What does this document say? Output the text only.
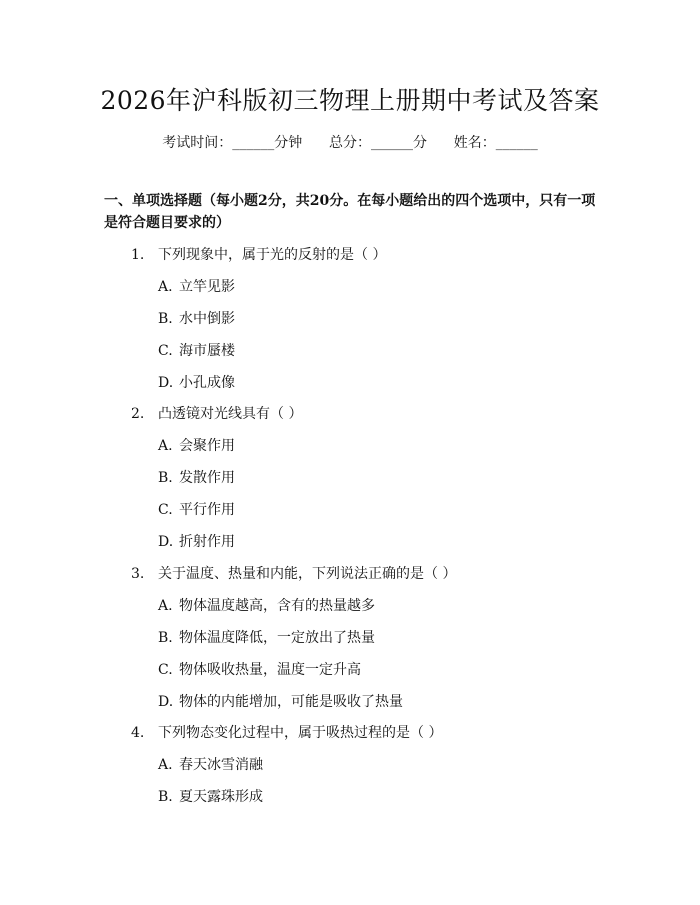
2026年沪科版初三物理上册期中考试及答案
考试时间：______分钟 总分：______分 姓名：______
一、单项选择题（每小题2分，共20分。在每小题给出的四个选项中，只有一项是符合题目要求的）
1. 下列现象中，属于光的反射的是（ ）
A. 立竿见影
B. 水中倒影
C. 海市蜃楼
D. 小孔成像
2. 凸透镜对光线具有（ ）
A. 会聚作用
B. 发散作用
C. 平行作用
D. 折射作用
3. 关于温度、热量和内能，下列说法正确的是（ ）
A. 物体温度越高，含有的热量越多
B. 物体温度降低，一定放出了热量
C. 物体吸收热量，温度一定升高
D. 物体的内能增加，可能是吸收了热量
4. 下列物态变化过程中，属于吸热过程的是（ ）
A. 春天冰雪消融
B. 夏天露珠形成
